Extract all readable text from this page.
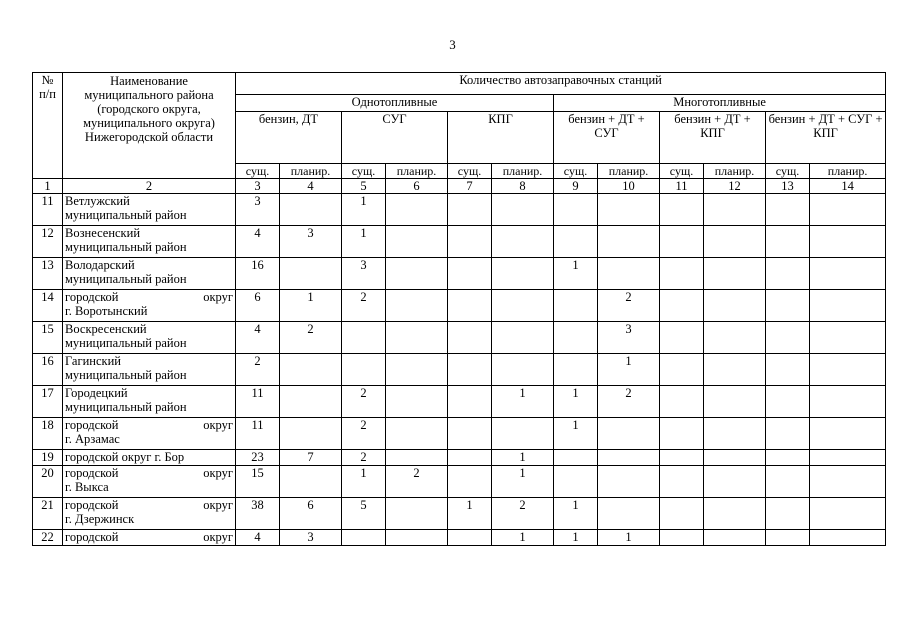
3
№ п/п	Наименование муниципального района (городского округа, муниципального округа) Нижегородской области	Количество автозаправочных станций											
		Однотопливные						Многотопливные					
		бензин, ДТ		СУГ		КПГ		бензин + ДТ + СУГ		бензин + ДТ + КПГ		бензин + ДТ + СУГ + КПГ	
		сущ.	планир.	сущ.	планир.	сущ.	планир.	сущ.	планир.	сущ.	планир.	сущ.	планир.
1	2	3	4	5	6	7	8	9	10	11	12	13	14
11	Ветлужский
муниципальный район	3		1									
12	Вознесенский
муниципальный район	4	3	1									
13	Володарский
муниципальный район	16		3				1					
14	городской округ
г. Воротынский	6	1	2					2				
15	Воскресенский
муниципальный район	4	2						3				
16	Гагинский
муниципальный район	2							1				
17	Городецкий
муниципальный район	11		2			1	1	2				
18	городской округ
г. Арзамас	11		2				1					
19	городской округ г. Бор	23	7	2			1						
20	городской округ
г. Выкса	15		1	2		1						
21	городской округ
г. Дзержинск	38	6	5		1	2	1					
22	городской округ	4	3				1	1	1				
